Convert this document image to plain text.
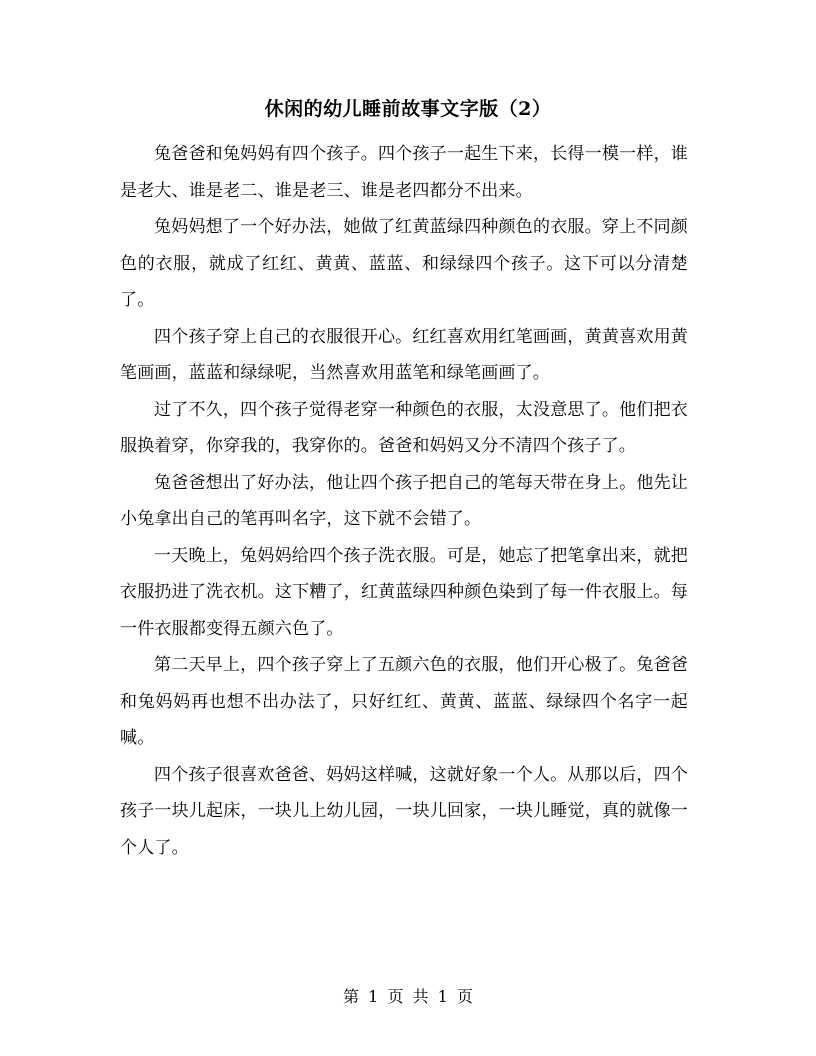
休闲的幼儿睡前故事文字版（2）

兔爸爸和兔妈妈有四个孩子。四个孩子一起生下来，长得一模一样，谁是老大、谁是老二、谁是老三、谁是老四都分不出来。

兔妈妈想了一个好办法，她做了红黄蓝绿四种颜色的衣服。穿上不同颜色的衣服，就成了红红、黄黄、蓝蓝、和绿绿四个孩子。这下可以分清楚了。

四个孩子穿上自己的衣服很开心。红红喜欢用红笔画画，黄黄喜欢用黄笔画画，蓝蓝和绿绿呢，当然喜欢用蓝笔和绿笔画画了。

过了不久，四个孩子觉得老穿一种颜色的衣服，太没意思了。他们把衣服换着穿，你穿我的，我穿你的。爸爸和妈妈又分不清四个孩子了。

兔爸爸想出了好办法，他让四个孩子把自己的笔每天带在身上。他先让小兔拿出自己的笔再叫名字，这下就不会错了。

一天晚上，兔妈妈给四个孩子洗衣服。可是，她忘了把笔拿出来，就把衣服扔进了洗衣机。这下糟了，红黄蓝绿四种颜色染到了每一件衣服上。每一件衣服都变得五颜六色了。

第二天早上，四个孩子穿上了五颜六色的衣服，他们开心极了。兔爸爸和兔妈妈再也想不出办法了，只好红红、黄黄、蓝蓝、绿绿四个名字一起喊。

四个孩子很喜欢爸爸、妈妈这样喊，这就好象一个人。从那以后，四个孩子一块儿起床，一块儿上幼儿园，一块儿回家，一块儿睡觉，真的就像一个人了。

第 1 页 共 1 页
